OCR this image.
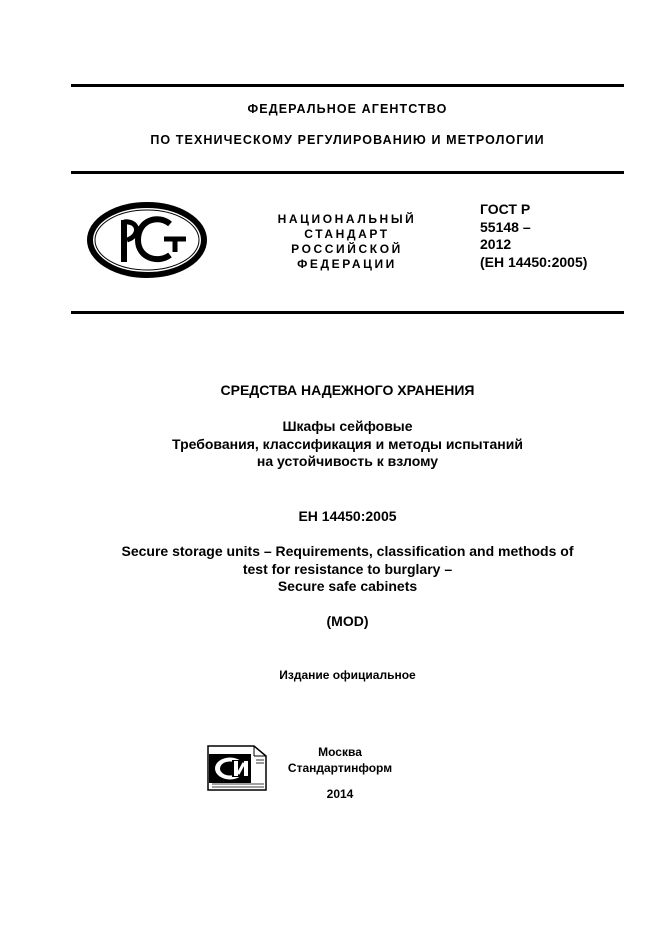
ФЕДЕРАЛЬНОЕ АГЕНТСТВО
ПО ТЕХНИЧЕСКОМУ РЕГУЛИРОВАНИЮ И МЕТРОЛОГИИ
НАЦИОНАЛЬНЫЙ
СТАНДАРТ
РОССИЙСКОЙ
ФЕДЕРАЦИИ
ГОСТ Р
55148 –
2012
(ЕН 14450:2005)
СРЕДСТВА НАДЕЖНОГО ХРАНЕНИЯ
Шкафы сейфовые
Требования, классификация и методы испытаний
на устойчивость к взлому
ЕН 14450:2005
Secure storage units – Requirements, classification and methods of
test for resistance to burglary –
Secure safe cabinets
(MOD)
Издание официальное
Москва
Стандартинформ
2014
